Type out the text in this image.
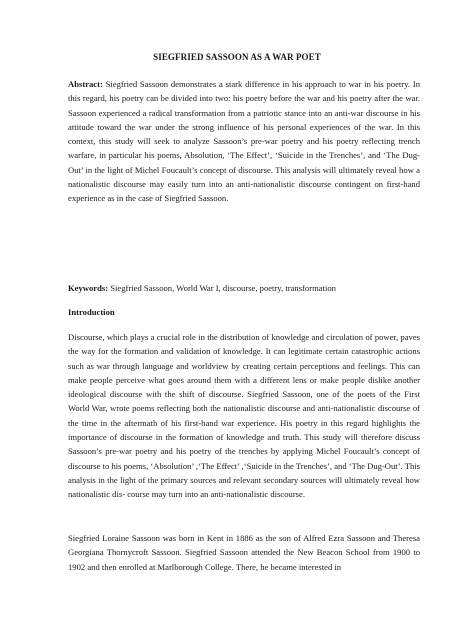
SIEGFRIED SASSOON AS A WAR POET

Abstract: Siegfried Sassoon demonstrates a stark difference in his approach to war in his poetry. In this regard, his poetry can be divided into two: his poetry before the war and his poetry after the war. Sassoon experienced a radical transformation from a patriotic stance into an anti-war discourse in his attitude toward the war under the strong influence of his personal experiences of the war. In this context, this study will seek to analyze Sassoon’s pre-war poetry and his poetry reflecting trench warfare, in particular his poems, Absolution, ‘The Effect’, ‘Suicide in the Trenches’, and ‘The Dug-Out’ in the light of Michel Foucault’s concept of discourse. This analysis will ultimately reveal how a nationalistic discourse may easily turn into an anti-nationalistic discourse contingent on first-hand experience as in the case of Siegfried Sassoon.

Keywords: Siegfried Sassoon, World War I, discourse, poetry, transformation

Introduction

Discourse, which plays a crucial role in the distribution of knowledge and circulation of power, paves the way for the formation and validation of knowledge. It can legitimate certain catastrophic actions such as war through language and worldview by creating certain perceptions and feelings. This can make people perceive what goes around them with a different lens or make people dislike another ideological discourse with the shift of discourse. Siegfried Sassoon, one of the poets of the First World War, wrote poems reflecting both the nationalistic discourse and anti-nationalistic discourse of the time in the aftermath of his first-hand war experience. His poetry in this regard highlights the importance of discourse in the formation of knowledge and truth. This study will therefore discuss Sassoon’s pre-war poetry and his poetry of the trenches by applying Michel Foucault’s concept of discourse to his poems, ‘Absolution’ ,‘The Effect’ ,‘Suicide in the Trenches’, and ‘The Dug-Out’. This analysis in the light of the primary sources and relevant secondary sources will ultimately reveal how nationalistic dis- course may turn into an anti-nationalistic discourse.

Siegfried Loraine Sassoon was born in Kent in 1886 as the son of Alfred Ezra Sassoon and Theresa Georgiana Thornycroft Sassoon. Siegfried Sassoon attended the New Beacon School from 1900 to 1902 and then enrolled at Marlborough College. There, he became interested in
